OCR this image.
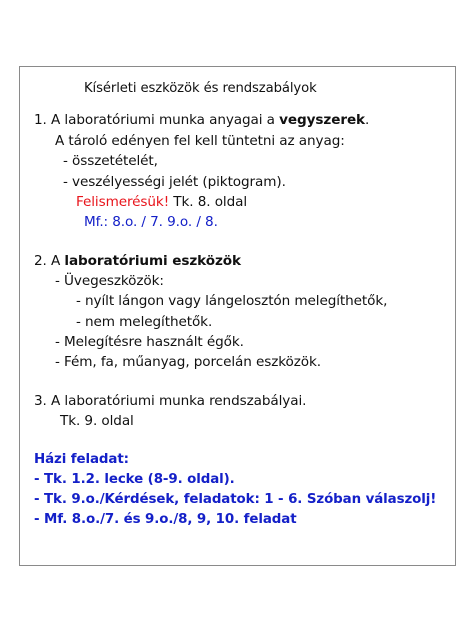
Kísérleti eszközök és rendszabályok
1. A laboratóriumi munka anyagai a vegyszerek.
A tároló edényen fel kell tüntetni az anyag:
- összetételét,
- veszélyességi jelét (piktogram).
Felismerésük! Tk. 8. oldal
Mf.: 8.o. / 7. 9.o. / 8.
2. A laboratóriumi eszközök
- Üvegeszközök:
- nyílt lángon vagy lángelosztón melegíthetők,
- nem melegíthetők.
- Melegítésre használt égők.
- Fém, fa, műanyag, porcelán eszközök.
3. A laboratóriumi munka rendszabályai.
Tk. 9. oldal
Házi feladat:
- Tk. 1.2. lecke (8-9. oldal).
- Tk. 9.o./Kérdések, feladatok: 1 - 6. Szóban válaszolj!
- Mf. 8.o./7. és 9.o./8, 9, 10. feladat
